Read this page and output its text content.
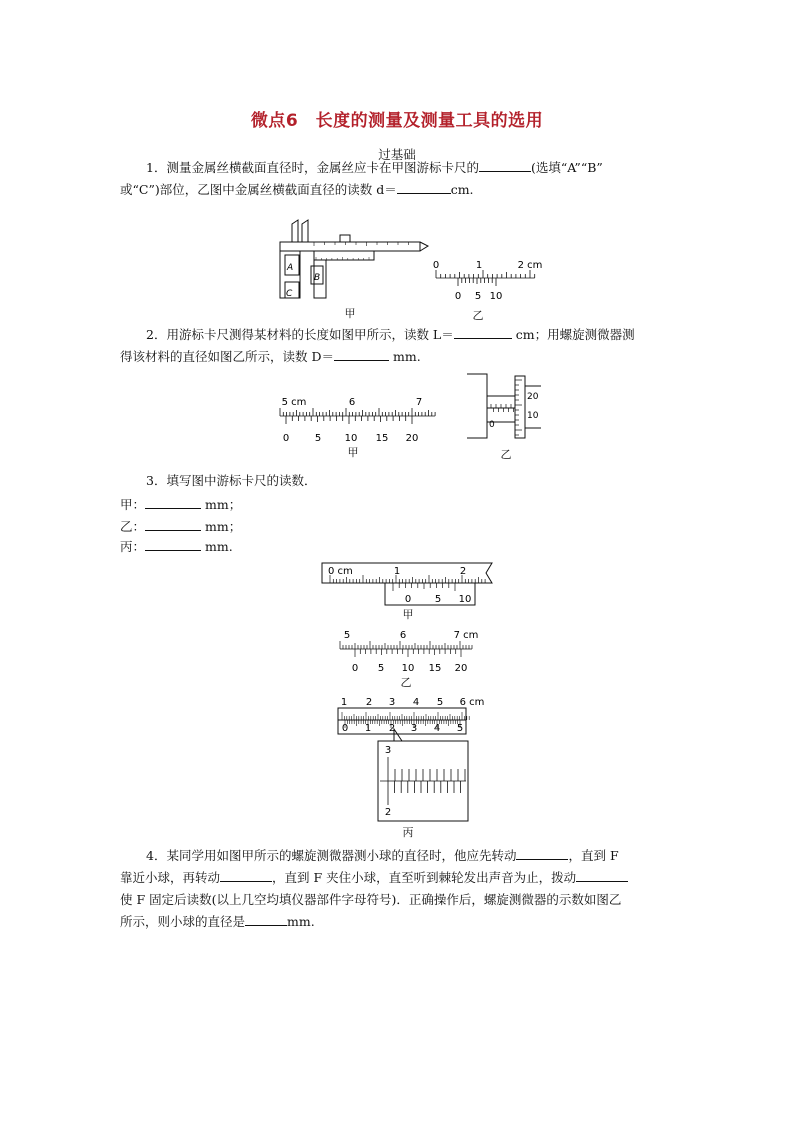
微点6　长度的测量及测量工具的选用
过基础
1．测量金属丝横截面直径时，金属丝应卡在甲图游标卡尺的	(选填“A”“B”
或“C”)部位，乙图中金属丝横截面直径的读数 d＝	cm.
A
B
C
甲
0	1	2 cm
0 5 10
乙
2．用游标卡尺测得某材料的长度如图甲所示，读数 L＝	cm；用螺旋测微器测
得该材料的直径如图乙所示，读数 D＝	mm.
5 cm	6	7
0	5 10 15 20
甲
20
10
0
乙
3．填写图中游标卡尺的读数．
甲：	mm；
乙：	mm；
丙：	mm.
0 cm	1	2
0 5 10
甲
5	6	7 cm
0 5 10 15 20
乙
1 2 3 4 5 6 cm
0 1 2 3 4 5
3
2
丙
4．某同学用如图甲所示的螺旋测微器测小球的直径时，他应先转动	，直到 F
靠近小球，再转动	，直到 F 夹住小球，直至听到棘轮发出声音为止，拨动
使 F 固定后读数(以上几空均填仪器部件字母符号)．正确操作后，螺旋测微器的示数如图乙
所示，则小球的直径是	mm.
